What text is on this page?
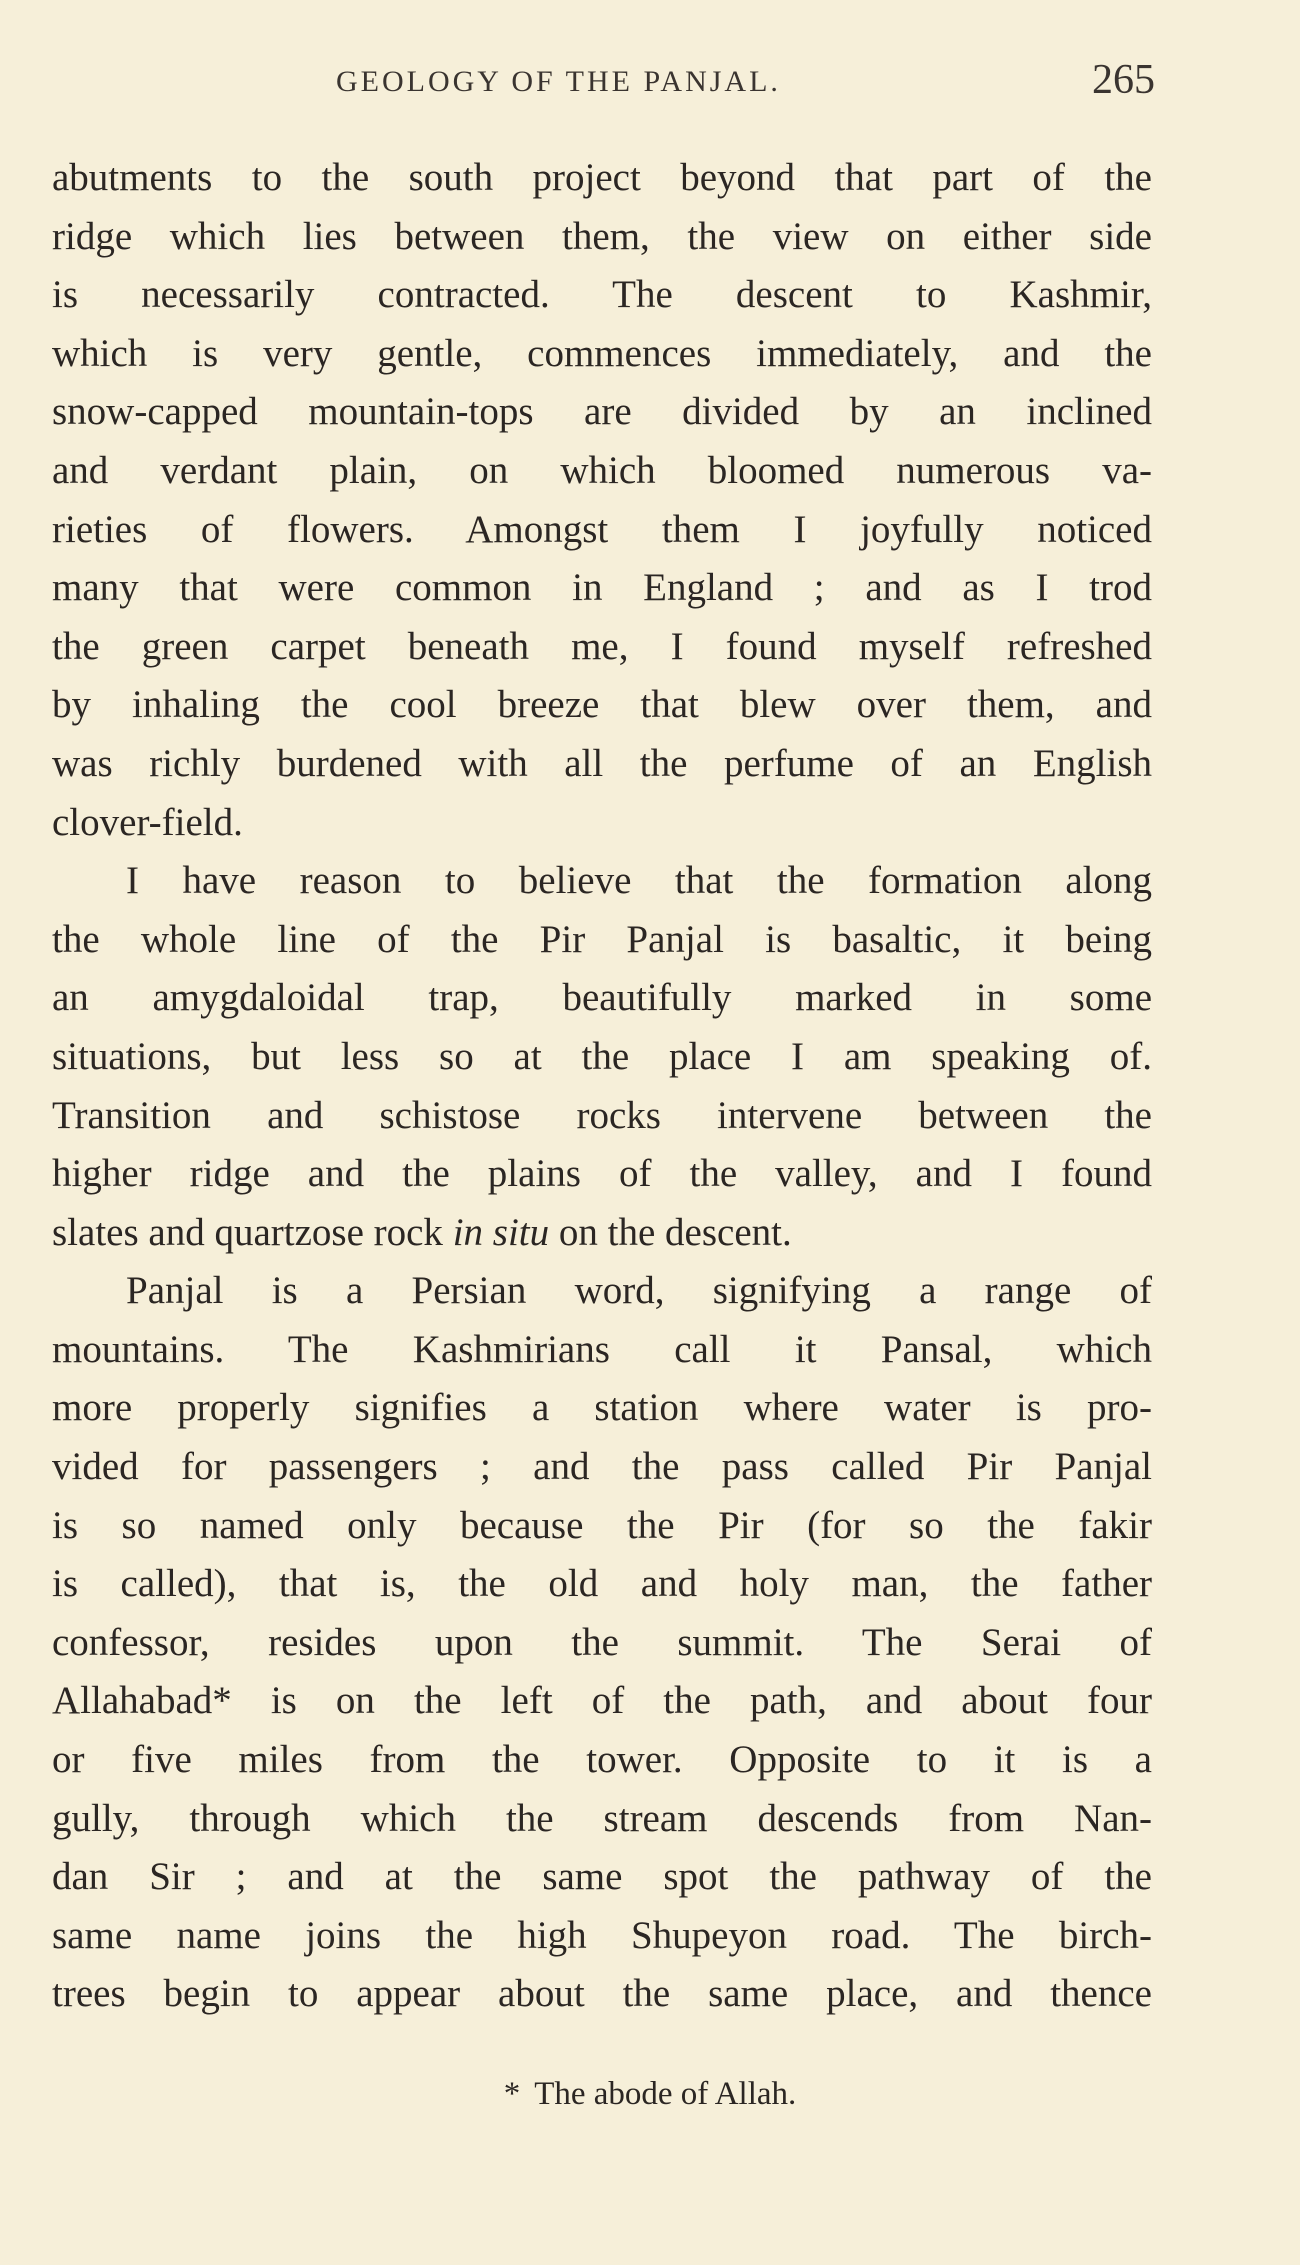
GEOLOGY OF THE PANJAL.	265
abutments to the south project beyond that part of the
ridge which lies between them, the view on either side
is necessarily contracted. The descent to Kashmir,
which is very gentle, commences immediately, and the
snow-capped mountain-tops are divided by an inclined
and verdant plain, on which bloomed numerous va-
rieties of flowers. Amongst them I joyfully noticed
many that were common in England ; and as I trod
the green carpet beneath me, I found myself refreshed
by inhaling the cool breeze that blew over them, and
was richly burdened with all the perfume of an English
clover-field.
I have reason to believe that the formation along
the whole line of the Pir Panjal is basaltic, it being
an amygdaloidal trap, beautifully marked in some
situations, but less so at the place I am speaking of.
Transition and schistose rocks intervene between the
higher ridge and the plains of the valley, and I found
slates and quartzose rock in situ on the descent.
Panjal is a Persian word, signifying a range of
mountains. The Kashmirians call it Pansal, which
more properly signifies a station where water is pro-
vided for passengers ; and the pass called Pir Panjal
is so named only because the Pir (for so the fakir
is called), that is, the old and holy man, the father
confessor, resides upon the summit. The Serai of
Allahabad* is on the left of the path, and about four
or five miles from the tower. Opposite to it is a
gully, through which the stream descends from Nan-
dan Sir ; and at the same spot the pathway of the
same name joins the high Shupeyon road. The birch-
trees begin to appear about the same place, and thence
* The abode of Allah.
